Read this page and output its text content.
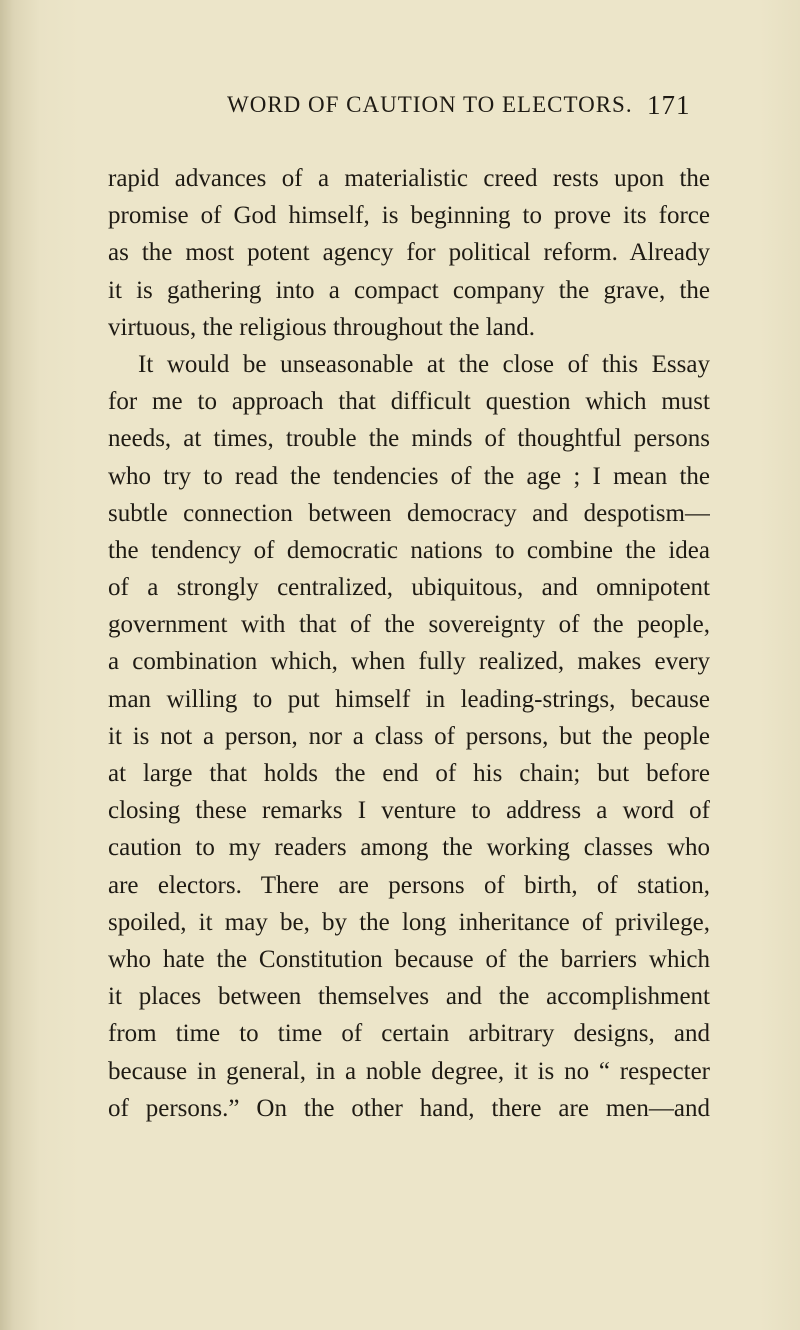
WORD OF CAUTION TO ELECTORS. 171
rapid advances of a materialistic creed rests upon the
promise of God himself, is beginning to prove its force
as the most potent agency for political reform. Already
it is gathering into a compact company the grave, the
virtuous, the religious throughout the land.
It would be unseasonable at the close of this Essay
for me to approach that difficult question which must
needs, at times, trouble the minds of thoughtful persons
who try to read the tendencies of the age ; I mean the
subtle connection between democracy and despotism—
the tendency of democratic nations to combine the idea
of a strongly centralized, ubiquitous, and omnipotent
government with that of the sovereignty of the people,
a combination which, when fully realized, makes every
man willing to put himself in leading-strings, because
it is not a person, nor a class of persons, but the people
at large that holds the end of his chain; but before
closing these remarks I venture to address a word of
caution to my readers among the working classes who
are electors. There are persons of birth, of station,
spoiled, it may be, by the long inheritance of privilege,
who hate the Constitution because of the barriers which
it places between themselves and the accomplishment
from time to time of certain arbitrary designs, and
because in general, in a noble degree, it is no “ respecter
of persons.” On the other hand, there are men—and
